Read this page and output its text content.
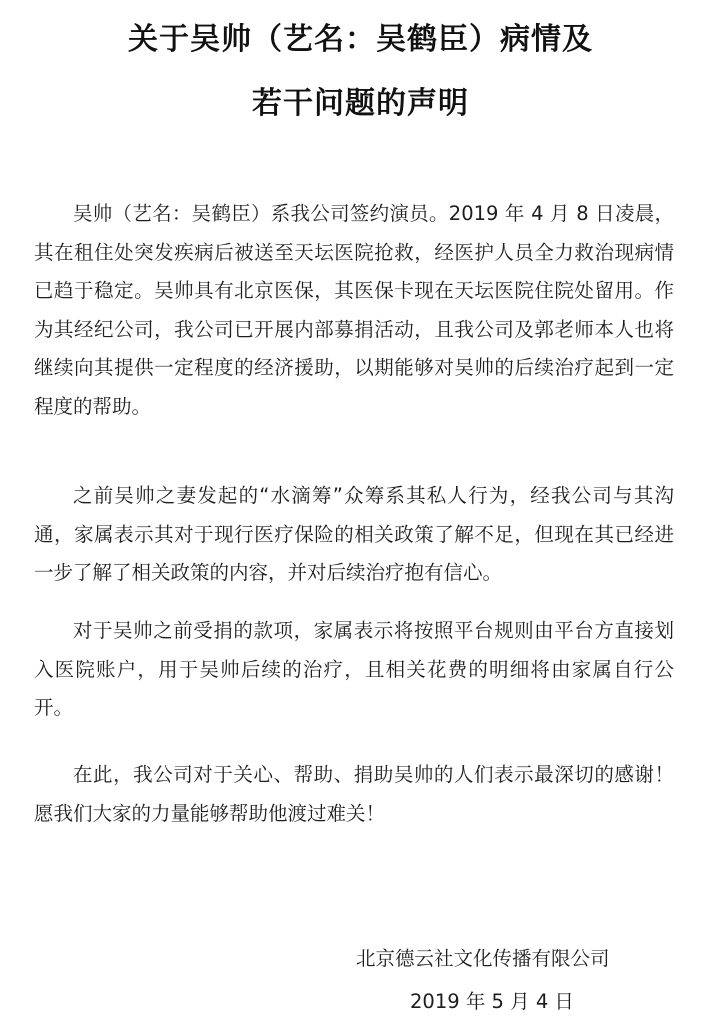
关于吴帅（艺名：吴鹤臣）病情及
若干问题的声明

吴帅（艺名：吴鹤臣）系我公司签约演员。2019 年 4 月 8 日凌晨，其在租住处突发疾病后被送至天坛医院抢救，经医护人员全力救治现病情已趋于稳定。吴帅具有北京医保，其医保卡现在天坛医院住院处留用。作为其经纪公司，我公司已开展内部募捐活动，且我公司及郭老师本人也将继续向其提供一定程度的经济援助，以期能够对吴帅的后续治疗起到一定程度的帮助。

之前吴帅之妻发起的“水滴筹”众筹系其私人行为，经我公司与其沟通，家属表示其对于现行医疗保险的相关政策了解不足，但现在其已经进一步了解了相关政策的内容，并对后续治疗抱有信心。

对于吴帅之前受捐的款项，家属表示将按照平台规则由平台方直接划入医院账户，用于吴帅后续的治疗，且相关花费的明细将由家属自行公开。

在此，我公司对于关心、帮助、捐助吴帅的人们表示最深切的感谢！愿我们大家的力量能够帮助他渡过难关！

北京德云社文化传播有限公司
2019 年 5 月 4 日
